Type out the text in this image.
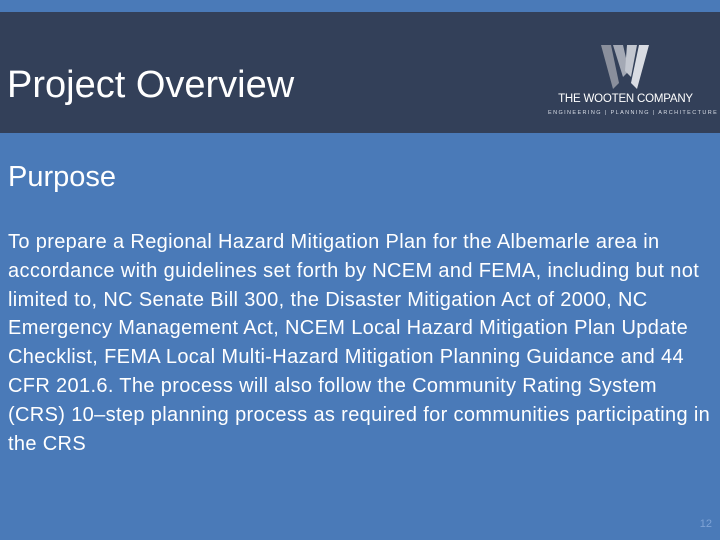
Project Overview	THE WOOTEN COMPANY
ENGINEERING | PLANNING | ARCHITECTURE
Purpose

To prepare a Regional Hazard Mitigation Plan for the Albemarle area in accordance with guidelines set forth by NCEM and FEMA, including but not limited to, NC Senate Bill 300, the Disaster Mitigation Act of 2000, NC Emergency Management Act, NCEM Local Hazard Mitigation Plan Update Checklist, FEMA Local Multi-Hazard Mitigation Planning Guidance and 44 CFR 201.6. The process will also follow the Community Rating System (CRS) 10–step planning process as required for communities participating in the CRS

12
